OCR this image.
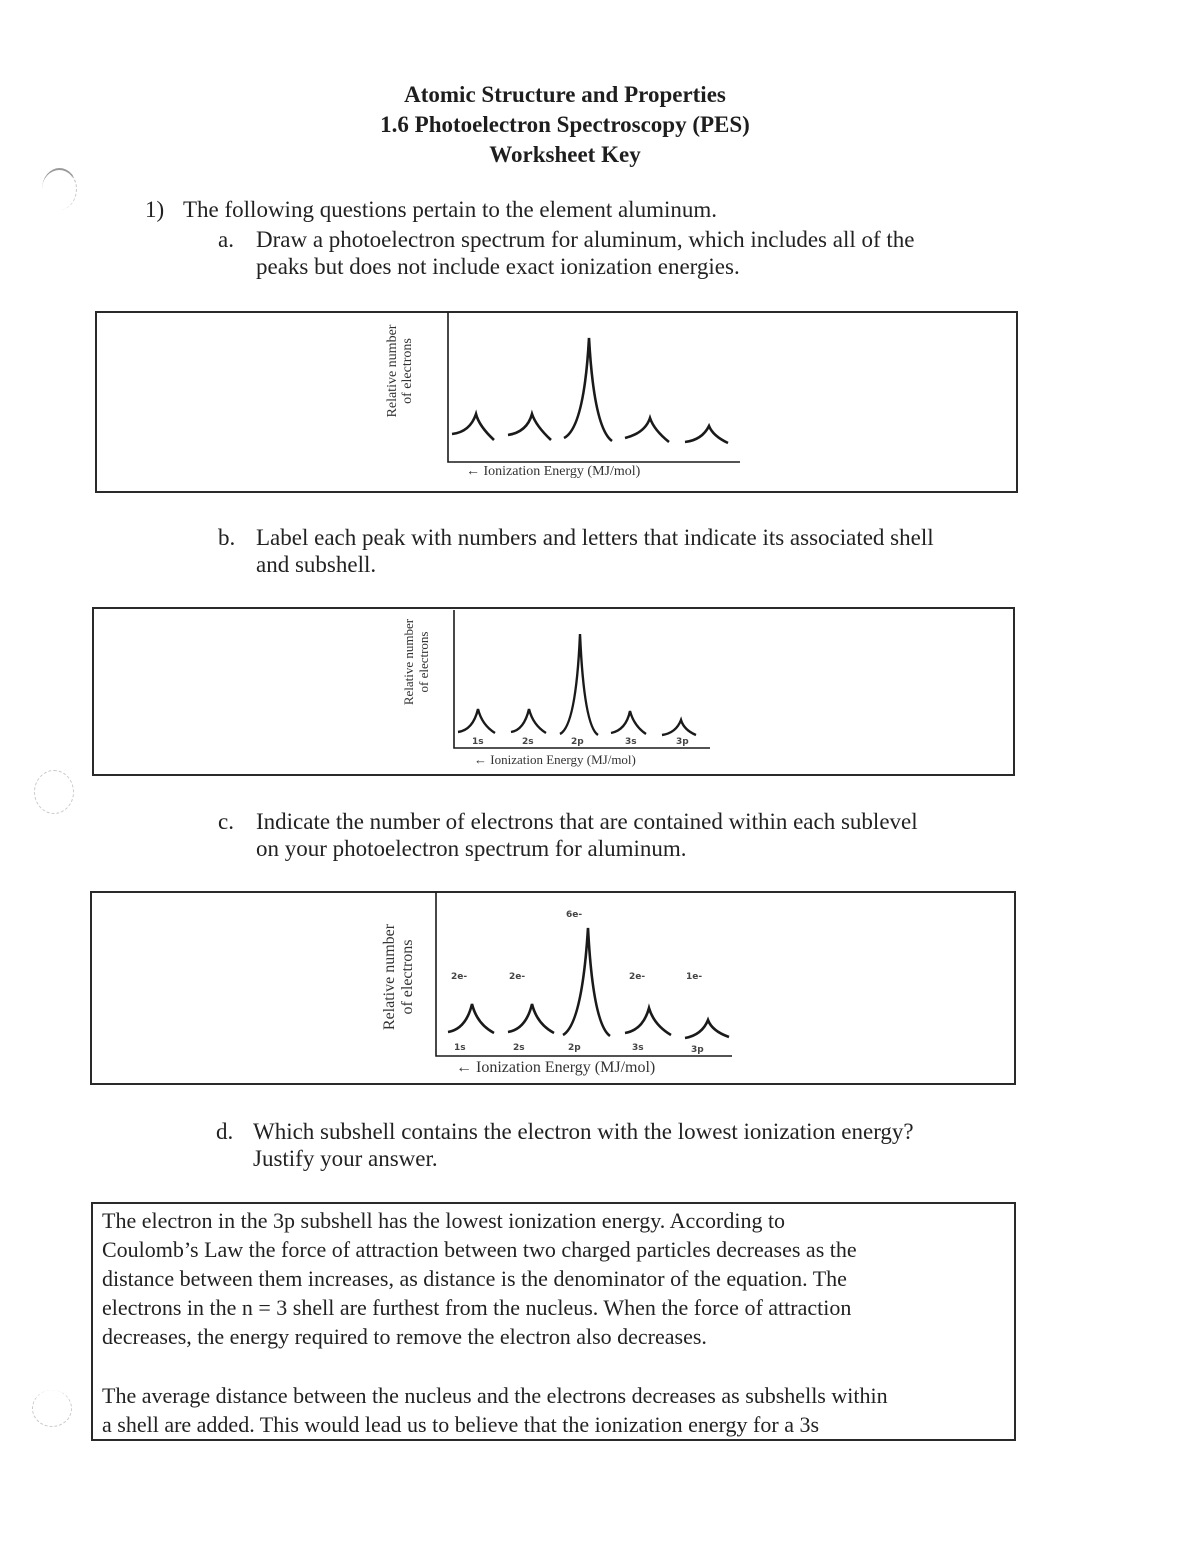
Atomic Structure and Properties
1.6 Photoelectron Spectroscopy (PES)
Worksheet Key
1) The following questions pertain to the element aluminum.
a. Draw a photoelectron spectrum for aluminum, which includes all of the
peaks but does not include exact ionization energies.
Relative number of electrons
← Ionization Energy (MJ/mol)
b. Label each peak with numbers and letters that indicate its associated shell
and subshell.
Relative number of electrons
1s	2s	2p	3s	3p
← Ionization Energy (MJ/mol)
c. Indicate the number of electrons that are contained within each sublevel
on your photoelectron spectrum for aluminum.
Relative number of electrons	2e-	2e-
6e-
2e-	1e-
1s	2s	2p	3s	3p
← Ionization Energy (MJ/mol)
d. Which subshell contains the electron with the lowest ionization energy?
Justify your answer.
The electron in the 3p subshell has the lowest ionization energy. According to
Coulomb’s Law the force of attraction between two charged particles decreases as the
distance between them increases, as distance is the denominator of the equation. The
electrons in the n = 3 shell are furthest from the nucleus. When the force of attraction
decreases, the energy required to remove the electron also decreases.
The average distance between the nucleus and the electrons decreases as subshells within
a shell are added. This would lead us to believe that the ionization energy for a 3s
